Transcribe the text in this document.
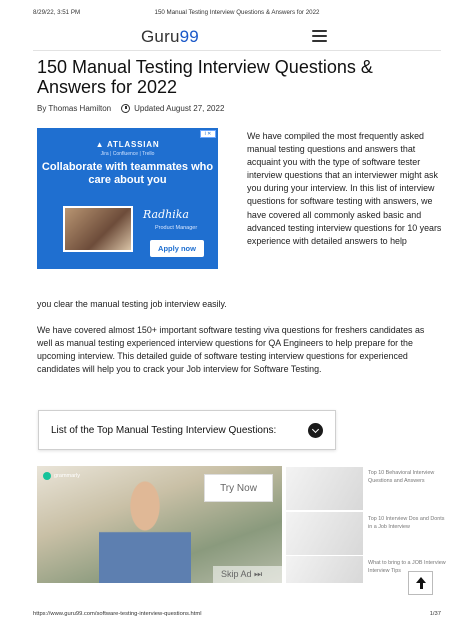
8/29/22, 3:51 PM	150 Manual Testing Interview Questions & Answers for 2022
Guru99
150 Manual Testing Interview Questions & Answers for 2022
By Thomas Hamilton	Updated August 27, 2022
i ✕
▲ ATLASSIAN
Jira | Confluence | Trello
Collaborate with teammates who care about you
Radhika
Product Manager
Apply now

We have compiled the most frequently asked manual testing questions and answers that acquaint you with the type of software tester interview questions that an interviewer might ask you during your interview. In this list of interview questions for software testing with answers, we have covered all commonly asked basic and advanced testing interview questions for 10 years experience with detailed answers to help

you clear the manual testing job interview easily.

We have covered almost 150+ important software testing viva questions for freshers candidates as well as manual testing experienced interview questions for QA Engineers to help prepare for the upcoming interview. This detailed guide of software testing interview questions for experienced candidates will help you to crack your Job interview for Software Testing.

List of the Top Manual Testing Interview Questions:
grammarly
Try Now
Skip Ad ⏭
Top 10 Behavioral Interview Questions and Answers
Top 10 Interview Dos and Donts in a Job Interview
What to bring to a JOB Interview Interview Tips
https://www.guru99.com/software-testing-interview-questions.html	1/37
